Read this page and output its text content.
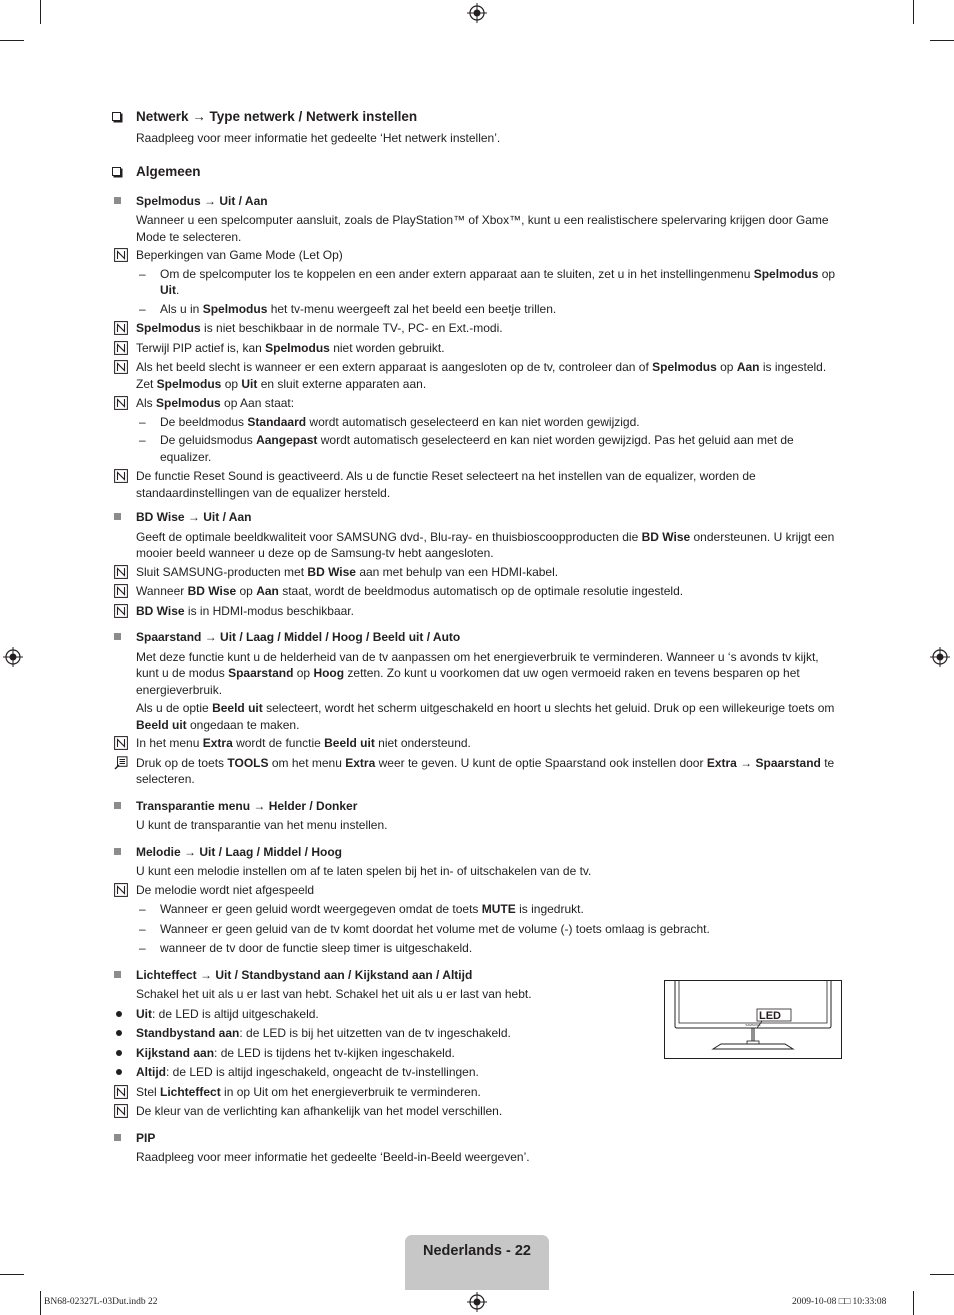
Netwerk → Type netwerk / Netwerk instellen
Raadpleeg voor meer informatie het gedeelte ‘Het netwerk instellen’.
Algemeen
Spelmodus → Uit / Aan
Wanneer u een spelcomputer aansluit, zoals de PlayStation™ of Xbox™, kunt u een realistischere spelervaring krijgen door Game Mode te selecteren.
Beperkingen van Game Mode (Let Op)
– Om de spelcomputer los te koppelen en een ander extern apparaat aan te sluiten, zet u in het instellingenmenu Spelmodus op Uit.
– Als u in Spelmodus het tv-menu weergeeft zal het beeld een beetje trillen.
Spelmodus is niet beschikbaar in de normale TV-, PC- en Ext.-modi.
Terwijl PIP actief is, kan Spelmodus niet worden gebruikt.
Als het beeld slecht is wanneer er een extern apparaat is aangesloten op de tv, controleer dan of Spelmodus op Aan is ingesteld. Zet Spelmodus op Uit en sluit externe apparaten aan.
Als Spelmodus op Aan staat:
– De beeldmodus Standaard wordt automatisch geselecteerd en kan niet worden gewijzigd.
– De geluidsmodus Aangepast wordt automatisch geselecteerd en kan niet worden gewijzigd. Pas het geluid aan met de equalizer.
De functie Reset Sound is geactiveerd. Als u de functie Reset selecteert na het instellen van de equalizer, worden de standaardinstellingen van de equalizer hersteld.
BD Wise → Uit / Aan
Geeft de optimale beeldkwaliteit voor SAMSUNG dvd-, Blu-ray- en thuisbioscoopproducten die BD Wise ondersteunen. U krijgt een mooier beeld wanneer u deze op de Samsung-tv hebt aangesloten.
Sluit SAMSUNG-producten met BD Wise aan met behulp van een HDMI-kabel.
Wanneer BD Wise op Aan staat, wordt de beeldmodus automatisch op de optimale resolutie ingesteld.
BD Wise is in HDMI-modus beschikbaar.
Spaarstand → Uit / Laag / Middel / Hoog / Beeld uit / Auto
Met deze functie kunt u de helderheid van de tv aanpassen om het energieverbruik te verminderen. Wanneer u ‘s avonds tv kijkt, kunt u de modus Spaarstand op Hoog zetten. Zo kunt u voorkomen dat uw ogen vermoeid raken en tevens besparen op het energieverbruik.
Als u de optie Beeld uit selecteert, wordt het scherm uitgeschakeld en hoort u slechts het geluid. Druk op een willekeurige toets om Beeld uit ongedaan te maken.
In het menu Extra wordt de functie Beeld uit niet ondersteund.
Druk op de toets TOOLS om het menu Extra weer te geven. U kunt de optie Spaarstand ook instellen door Extra → Spaarstand te selecteren.
Transparantie menu → Helder / Donker
U kunt de transparantie van het menu instellen.
Melodie → Uit / Laag / Middel / Hoog
U kunt een melodie instellen om af te laten spelen bij het in- of uitschakelen van de tv.
De melodie wordt niet afgespeeld
– Wanneer er geen geluid wordt weergegeven omdat de toets MUTE is ingedrukt.
– Wanneer er geen geluid van de tv komt doordat het volume met de volume (-) toets omlaag is gebracht.
– wanneer de tv door de functie sleep timer is uitgeschakeld.
Lichteffect → Uit / Standbystand aan / Kijkstand aan / Altijd
Schakel het uit als u er last van hebt. Schakel het uit als u er last van hebt.
Uit: de LED is altijd uitgeschakeld.
Standbystand aan: de LED is bij het uitzetten van de tv ingeschakeld.
Kijkstand aan: de LED is tijdens het tv-kijken ingeschakeld.
Altijd: de LED is altijd ingeschakeld, ongeacht de tv-instellingen.
Stel Lichteffect in op Uit om het energieverbruik te verminderen.
De kleur van de verlichting kan afhankelijk van het model verschillen.
PIP
Raadpleeg voor meer informatie het gedeelte ‘Beeld-in-Beeld weergeven’.
LED
SAMSUNG
Nederlands - 22
BN68-02327L-03Dut.indb 22	2009-10-08 □□ 10:33:08
